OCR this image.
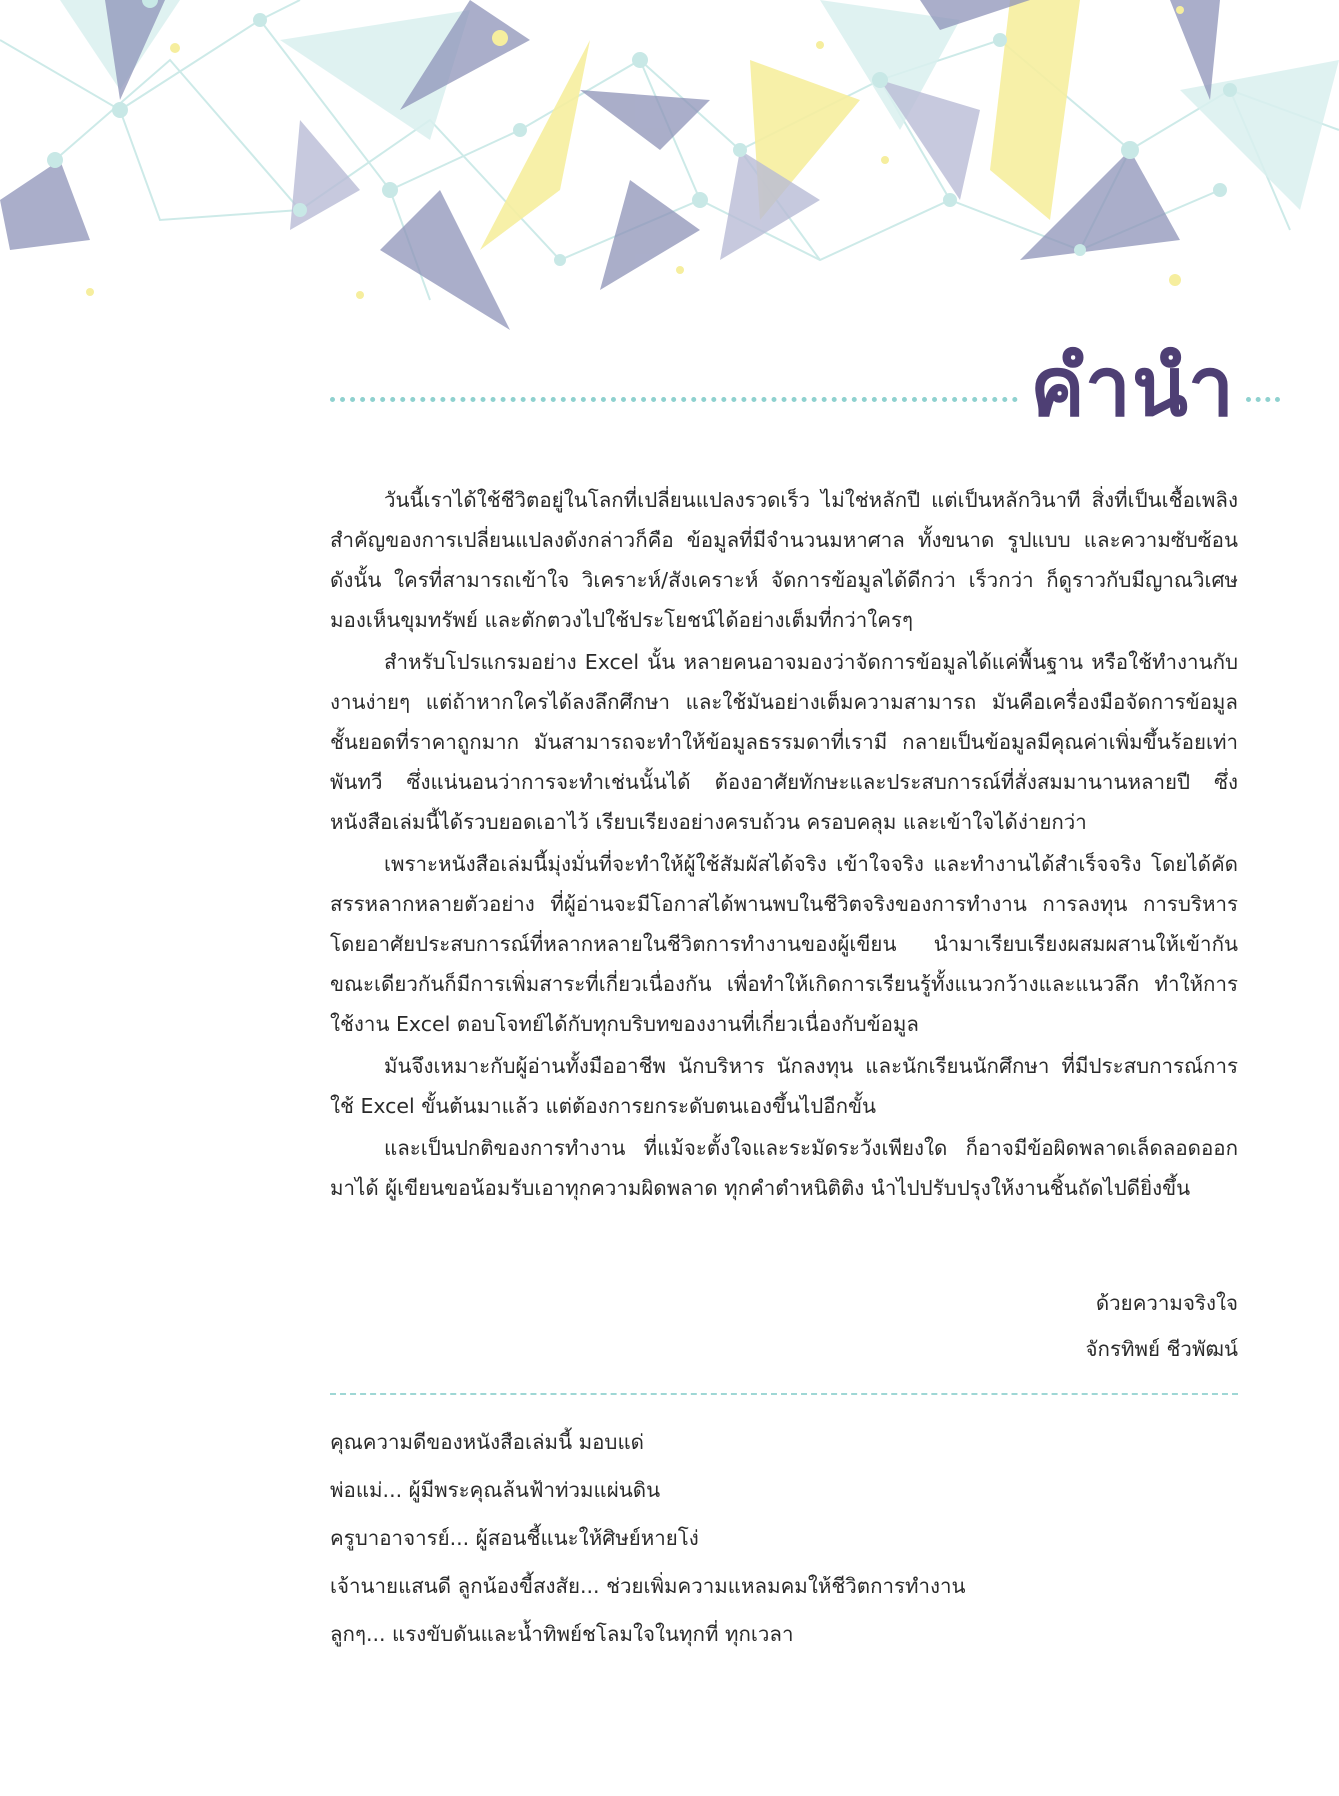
คำนำ

วันนี้เราได้ใช้ชีวิตอยู่ในโลกที่เปลี่ยนแปลงรวดเร็ว ไม่ใช่หลักปี แต่เป็นหลักวินาที สิ่งที่เป็นเชื้อเพลิงสำคัญของการเปลี่ยนแปลงดังกล่าวก็คือ ข้อมูลที่มีจำนวนมหาศาล ทั้งขนาด รูปแบบ และความซับซ้อน ดังนั้น ใครที่สามารถเข้าใจ วิเคราะห์/สังเคราะห์ จัดการข้อมูลได้ดีกว่า เร็วกว่า ก็ดูราวกับมีญาณวิเศษมองเห็นขุมทรัพย์ และตักตวงไปใช้ประโยชน์ได้อย่างเต็มที่กว่าใครๆ

สำหรับโปรแกรมอย่าง Excel นั้น หลายคนอาจมองว่าจัดการข้อมูลได้แค่พื้นฐาน หรือใช้ทำงานกับงานง่ายๆ แต่ถ้าหากใครได้ลงลึกศึกษา และใช้มันอย่างเต็มความสามารถ มันคือเครื่องมือจัดการข้อมูลชั้นยอดที่ราคาถูกมาก มันสามารถจะทำให้ข้อมูลธรรมดาที่เรามี กลายเป็นข้อมูลมีคุณค่าเพิ่มขึ้นร้อยเท่าพันทวี ซึ่งแน่นอนว่าการจะทำเช่นนั้นได้ ต้องอาศัยทักษะและประสบการณ์ที่สั่งสมมานานหลายปี ซึ่งหนังสือเล่มนี้ได้รวบยอดเอาไว้ เรียบเรียงอย่างครบถ้วน ครอบคลุม และเข้าใจได้ง่ายกว่า

เพราะหนังสือเล่มนี้มุ่งมั่นที่จะทำให้ผู้ใช้สัมผัสได้จริง เข้าใจจริง และทำงานได้สำเร็จจริง โดยได้คัดสรรหลากหลายตัวอย่าง ที่ผู้อ่านจะมีโอกาสได้พานพบในชีวิตจริงของการทำงาน การลงทุน การบริหาร โดยอาศัยประสบการณ์ที่หลากหลายในชีวิตการทำงานของผู้เขียน นำมาเรียบเรียงผสมผสานให้เข้ากัน ขณะเดียวกันก็มีการเพิ่มสาระที่เกี่ยวเนื่องกัน เพื่อทำให้เกิดการเรียนรู้ทั้งแนวกว้างและแนวลึก ทำให้การใช้งาน Excel ตอบโจทย์ได้กับทุกบริบทของงานที่เกี่ยวเนื่องกับข้อมูล

มันจึงเหมาะกับผู้อ่านทั้งมืออาชีพ นักบริหาร นักลงทุน และนักเรียนนักศึกษา ที่มีประสบการณ์การใช้ Excel ขั้นต้นมาแล้ว แต่ต้องการยกระดับตนเองขึ้นไปอีกขั้น

และเป็นปกติของการทำงาน ที่แม้จะตั้งใจและระมัดระวังเพียงใด ก็อาจมีข้อผิดพลาดเล็ดลอดออกมาได้ ผู้เขียนขอน้อมรับเอาทุกความผิดพลาด ทุกคำตำหนิติติง นำไปปรับปรุงให้งานชิ้นถัดไปดียิ่งขึ้น

ด้วยความจริงใจ
จักรทิพย์ ชีวพัฒน์
คุณความดีของหนังสือเล่มนี้ มอบแด่
พ่อแม่... ผู้มีพระคุณล้นฟ้าท่วมแผ่นดิน
ครูบาอาจารย์... ผู้สอนชี้แนะให้ศิษย์หายโง่
เจ้านายแสนดี ลูกน้องขี้สงสัย... ช่วยเพิ่มความแหลมคมให้ชีวิตการทำงาน
ลูกๆ... แรงขับดันและน้ำทิพย์ชโลมใจในทุกที่ ทุกเวลา
